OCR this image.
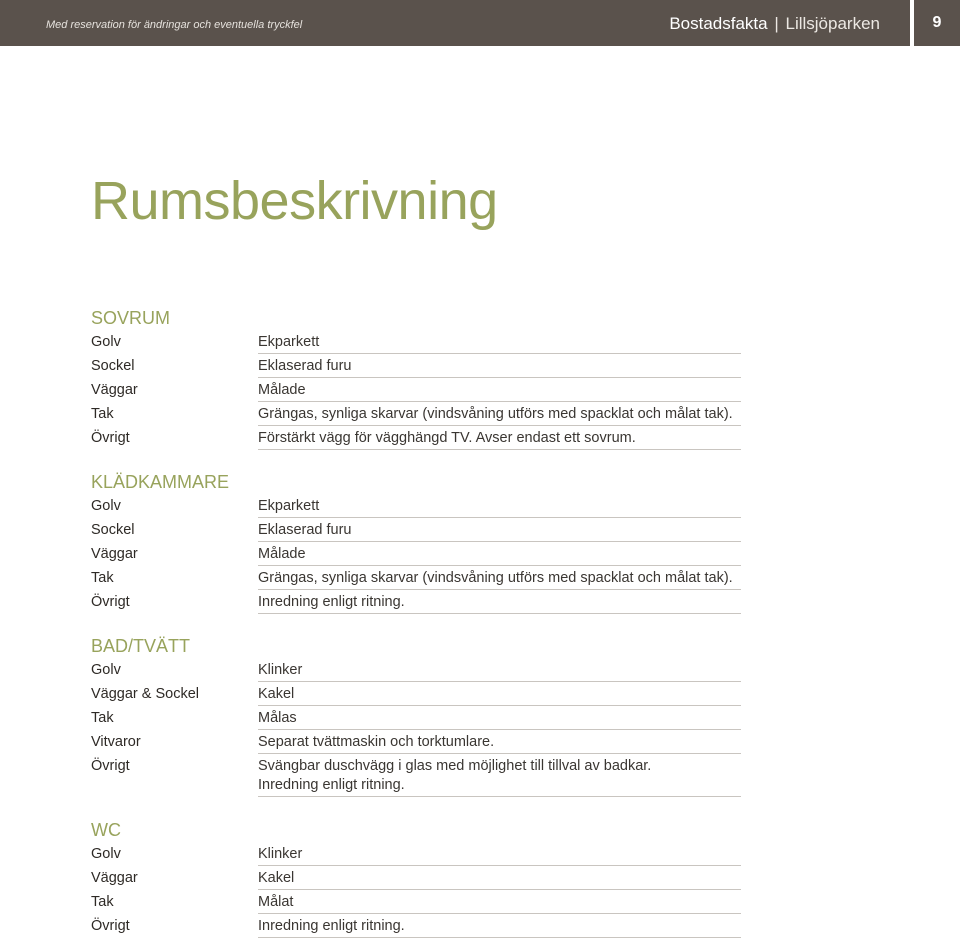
Med reservation för ändringar och eventuella tryckfel	Bostadsfakta | Lillsjöparken	9
Rumsbeskrivning
SOVRUM
Golv	Ekparkett
Sockel	Eklaserad furu
Väggar	Målade
Tak	Grängas, synliga skarvar (vindsvåning utförs med spacklat och målat tak).
Övrigt	Förstärkt vägg för vägghängd TV. Avser endast ett sovrum.
KLÄDKAMMARE
Golv	Ekparkett
Sockel	Eklaserad furu
Väggar	Målade
Tak	Grängas, synliga skarvar (vindsvåning utförs med spacklat och målat tak).
Övrigt	Inredning enligt ritning.
BAD/TVÄTT
Golv	Klinker
Väggar & Sockel	Kakel
Tak	Målas
Vitvaror	Separat tvättmaskin och torktumlare.
Övrigt	Svängbar duschvägg i glas med möjlighet till tillval av badkar.
Inredning enligt ritning.
WC
Golv	Klinker
Väggar	Kakel
Tak	Målat
Övrigt	Inredning enligt ritning.
